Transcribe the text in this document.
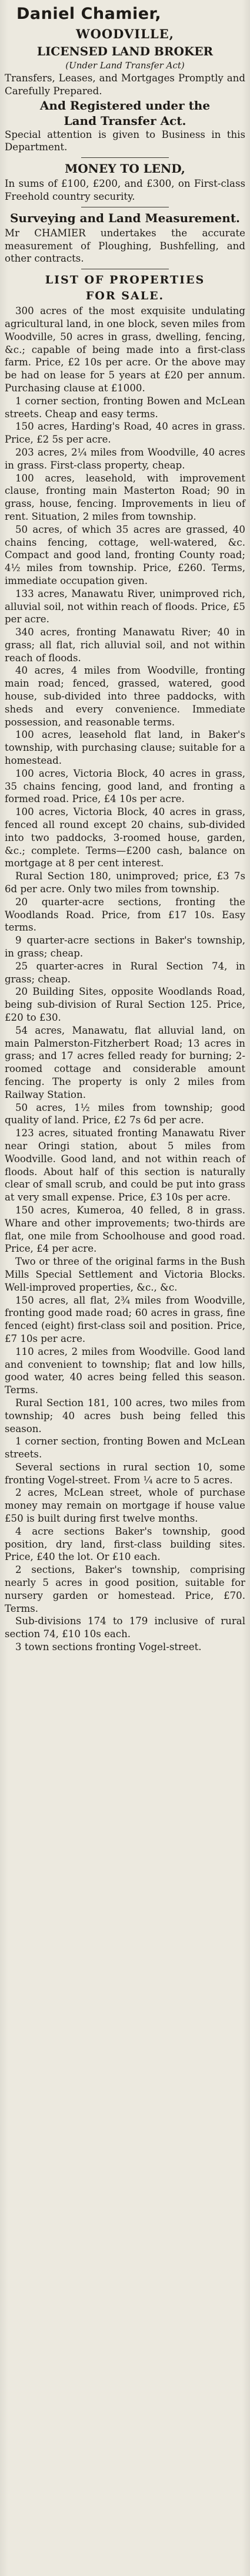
Daniel Chamier,

WOODVILLE,

LICENSED LAND BROKER

(Under Land Transfer Act)

Transfers, Leases, and Mortgages Promptly and Carefully Prepared.

And Registered under the

Land Transfer Act.

Special attention is given to Business in this Department.

MONEY TO LEND,

In sums of £100, £200, and £300, on First-class Freehold country security.

Surveying and Land Measurement.

Mr CHAMIER undertakes the accurate measurement of Ploughing, Bushfelling, and other contracts.

LIST OF PROPERTIES

FOR SALE.

300 acres of the most exquisite undulating agricultural land, in one block, seven miles from Woodville, 50 acres in grass, dwelling, fencing, &c.; capable of being made into a first-class farm. Price, £2 10s per acre. Or the above may be had on lease for 5 years at £20 per annum. Purchasing clause at £1000.

1 corner section, fronting Bowen and McLean streets. Cheap and easy terms.

150 acres, Harding's Road, 40 acres in grass. Price, £2 5s per acre.

203 acres, 2¼ miles from Woodville, 40 acres in grass. First-class property, cheap.

100 acres, leasehold, with improvement clause, fronting main Masterton Road; 90 in grass, house, fencing. Improvements in lieu of rent. Situation, 2 miles from township.

50 acres, of which 35 acres are grassed, 40 chains fencing, cottage, well-watered, &c. Compact and good land, fronting County road; 4½ miles from township. Price, £260. Terms, immediate occupation given.

133 acres, Manawatu River, unimproved rich, alluvial soil, not within reach of floods. Price, £5 per acre.

340 acres, fronting Manawatu River; 40 in grass; all flat, rich alluvial soil, and not within reach of floods.

40 acres, 4 miles from Woodville, fronting main road; fenced, grassed, watered, good house, sub-divided into three paddocks, with sheds and every convenience. Immediate possession, and reasonable terms.

100 acres, leasehold flat land, in Baker's township, with purchasing clause; suitable for a homestead.

100 acres, Victoria Block, 40 acres in grass, 35 chains fencing, good land, and fronting a formed road. Price, £4 10s per acre.

100 acres, Victoria Block, 40 acres in grass, fenced all round except 20 chains, sub-divided into two paddocks, 3-roomed house, garden, &c.; complete. Terms—£200 cash, balance on mortgage at 8 per cent interest.

Rural Section 180, unimproved; price, £3 7s 6d per acre. Only two miles from township.

20 quarter-acre sections, fronting the Woodlands Road. Price, from £17 10s. Easy terms.

9 quarter-acre sections in Baker's township, in grass; cheap.

25 quarter-acres in Rural Section 74, in grass; cheap.

20 Building Sites, opposite Woodlands Road, being sub-division of Rural Section 125. Price, £20 to £30.

54 acres, Manawatu, flat alluvial land, on main Palmerston-Fitzherbert Road; 13 acres in grass; and 17 acres felled ready for burning; 2-roomed cottage and considerable amount fencing. The property is only 2 miles from Railway Station.

50 acres, 1½ miles from township; good quality of land. Price, £2 7s 6d per acre.

123 acres, situated fronting Manawatu River near Oringi station, about 5 miles from Woodville. Good land, and not within reach of floods. About half of this section is naturally clear of small scrub, and could be put into grass at very small expense. Price, £3 10s per acre.

150 acres, Kumeroa, 40 felled, 8 in grass. Whare and other improvements; two-thirds are flat, one mile from Schoolhouse and good road. Price, £4 per acre.

Two or three of the original farms in the Bush Mills Special Settlement and Victoria Blocks. Well-improved properties, &c., &c.

150 acres, all flat, 2¾ miles from Woodville, fronting good made road; 60 acres in grass, fine fenced (eight) first-class soil and position. Price, £7 10s per acre.

110 acres, 2 miles from Woodville. Good land and convenient to township; flat and low hills, good water, 40 acres being felled this season. Terms.

Rural Section 181, 100 acres, two miles from township; 40 acres bush being felled this season.

1 corner section, fronting Bowen and McLean streets.

Several sections in rural section 10, some fronting Vogel-street. From ¼ acre to 5 acres.

2 acres, McLean street, whole of purchase money may remain on mortgage if house value £50 is built during first twelve months.

4 acre sections Baker's township, good position, dry land, first-class building sites. Price, £40 the lot. Or £10 each.

2 sections, Baker's township, comprising nearly 5 acres in good position, suitable for nursery garden or homestead. Price, £70. Terms.

Sub-divisions 174 to 179 inclusive of rural section 74, £10 10s each.

3 town sections fronting Vogel-street.
